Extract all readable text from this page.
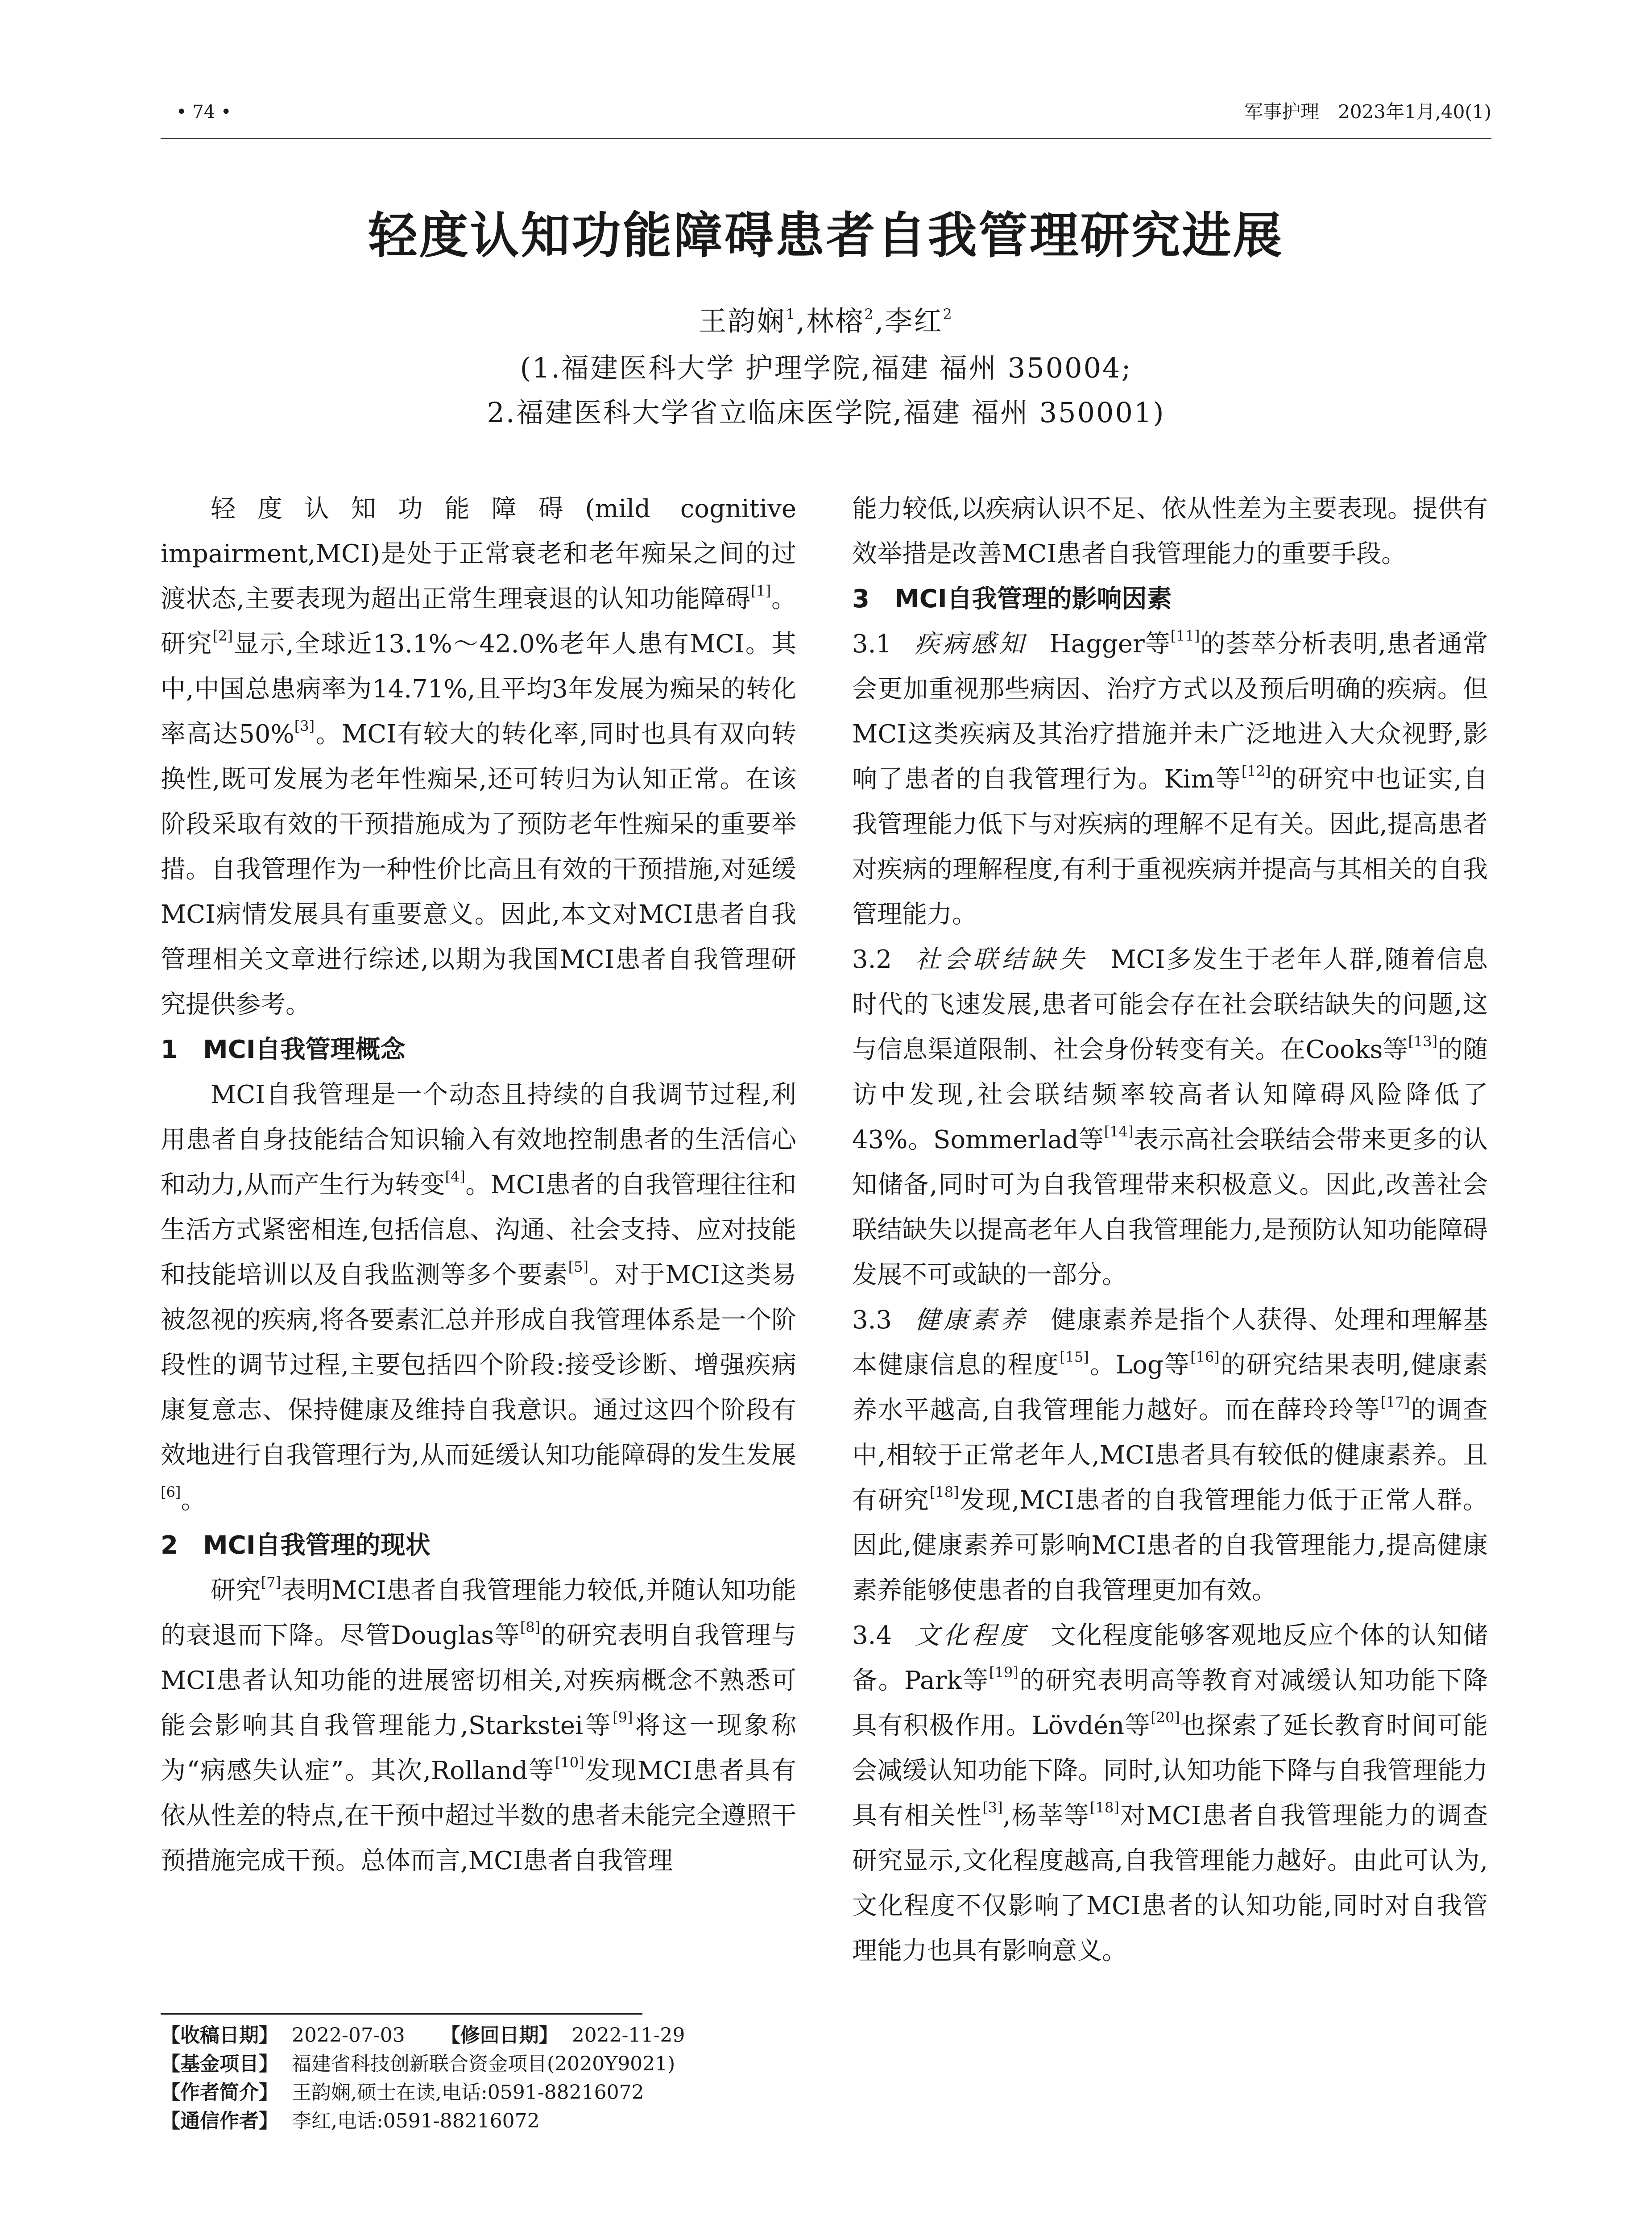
• 74 •	军事护理　2023年1月,40(1)
轻度认知功能障碍患者自我管理研究进展
王韵娴$^1$,林榕$^2$,李红$^2$
(1.福建医科大学 护理学院,福建 福州 350004;
2.福建医科大学省立临床医学院,福建 福州 350001)

轻度认知功能障碍(mild cognitive impairment,MCI)是处于正常衰老和老年痴呆之间的过渡状态,主要表现为超出正常生理衰退的认知功能障碍[1]。研究[2]显示,全球近13.1%～42.0%老年人患有MCI。其中,中国总患病率为14.71%,且平均3年发展为痴呆的转化率高达50%[3]。MCI有较大的转化率,同时也具有双向转换性,既可发展为老年性痴呆,还可转归为认知正常。在该阶段采取有效的干预措施成为了预防老年性痴呆的重要举措。自我管理作为一种性价比高且有效的干预措施,对延缓MCI病情发展具有重要意义。因此,本文对MCI患者自我管理相关文章进行综述,以期为我国MCI患者自我管理研究提供参考。

1 MCI自我管理概念

MCI自我管理是一个动态且持续的自我调节过程,利用患者自身技能结合知识输入有效地控制患者的生活信心和动力,从而产生行为转变[4]。MCI患者的自我管理往往和生活方式紧密相连,包括信息、沟通、社会支持、应对技能和技能培训以及自我监测等多个要素[5]。对于MCI这类易被忽视的疾病,将各要素汇总并形成自我管理体系是一个阶段性的调节过程,主要包括四个阶段:接受诊断、增强疾病康复意志、保持健康及维持自我意识。通过这四个阶段有效地进行自我管理行为,从而延缓认知功能障碍的发生发展[6]。

2 MCI自我管理的现状

研究[7]表明MCI患者自我管理能力较低,并随认知功能的衰退而下降。尽管Douglas等[8]的研究表明自我管理与MCI患者认知功能的进展密切相关,对疾病概念不熟悉可能会影响其自我管理能力,Starkstei等[9]将这一现象称为“病感失认症”。其次,Rolland等[10]发现MCI患者具有依从性差的特点,在干预中超过半数的患者未能完全遵照干预措施完成干预。总体而言,MCI患者自我管理

能力较低,以疾病认识不足、依从性差为主要表现。提供有效举措是改善MCI患者自我管理能力的重要手段。

3 MCI自我管理的影响因素

3.1 疾病感知 Hagger等[11]的荟萃分析表明,患者通常会更加重视那些病因、治疗方式以及预后明确的疾病。但MCI这类疾病及其治疗措施并未广泛地进入大众视野,影响了患者的自我管理行为。Kim等[12]的研究中也证实,自我管理能力低下与对疾病的理解不足有关。因此,提高患者对疾病的理解程度,有利于重视疾病并提高与其相关的自我管理能力。

3.2 社会联结缺失 MCI多发生于老年人群,随着信息时代的飞速发展,患者可能会存在社会联结缺失的问题,这与信息渠道限制、社会身份转变有关。在Cooks等[13]的随访中发现,社会联结频率较高者认知障碍风险降低了43%。Sommerlad等[14]表示高社会联结会带来更多的认知储备,同时可为自我管理带来积极意义。因此,改善社会联结缺失以提高老年人自我管理能力,是预防认知功能障碍发展不可或缺的一部分。

3.3 健康素养 健康素养是指个人获得、处理和理解基本健康信息的程度[15]。Log等[16]的研究结果表明,健康素养水平越高,自我管理能力越好。而在薛玲玲等[17]的调查中,相较于正常老年人,MCI患者具有较低的健康素养。且有研究[18]发现,MCI患者的自我管理能力低于正常人群。因此,健康素养可影响MCI患者的自我管理能力,提高健康素养能够使患者的自我管理更加有效。

3.4 文化程度 文化程度能够客观地反应个体的认知储备。Park等[19]的研究表明高等教育对减缓认知功能下降具有积极作用。Lövdén等[20]也探索了延长教育时间可能会减缓认知功能下降。同时,认知功能下降与自我管理能力具有相关性[3],杨莘等[18]对MCI患者自我管理能力的调查研究显示,文化程度越高,自我管理能力越好。由此可认为,文化程度不仅影响了MCI患者的认知功能,同时对自我管理能力也具有影响意义。

【收稿日期】 2022-07-03 【修回日期】 2022-11-29
【基金项目】 福建省科技创新联合资金项目(2020Y9021)
【作者简介】 王韵娴,硕士在读,电话:0591-88216072
【通信作者】 李红,电话:0591-88216072
